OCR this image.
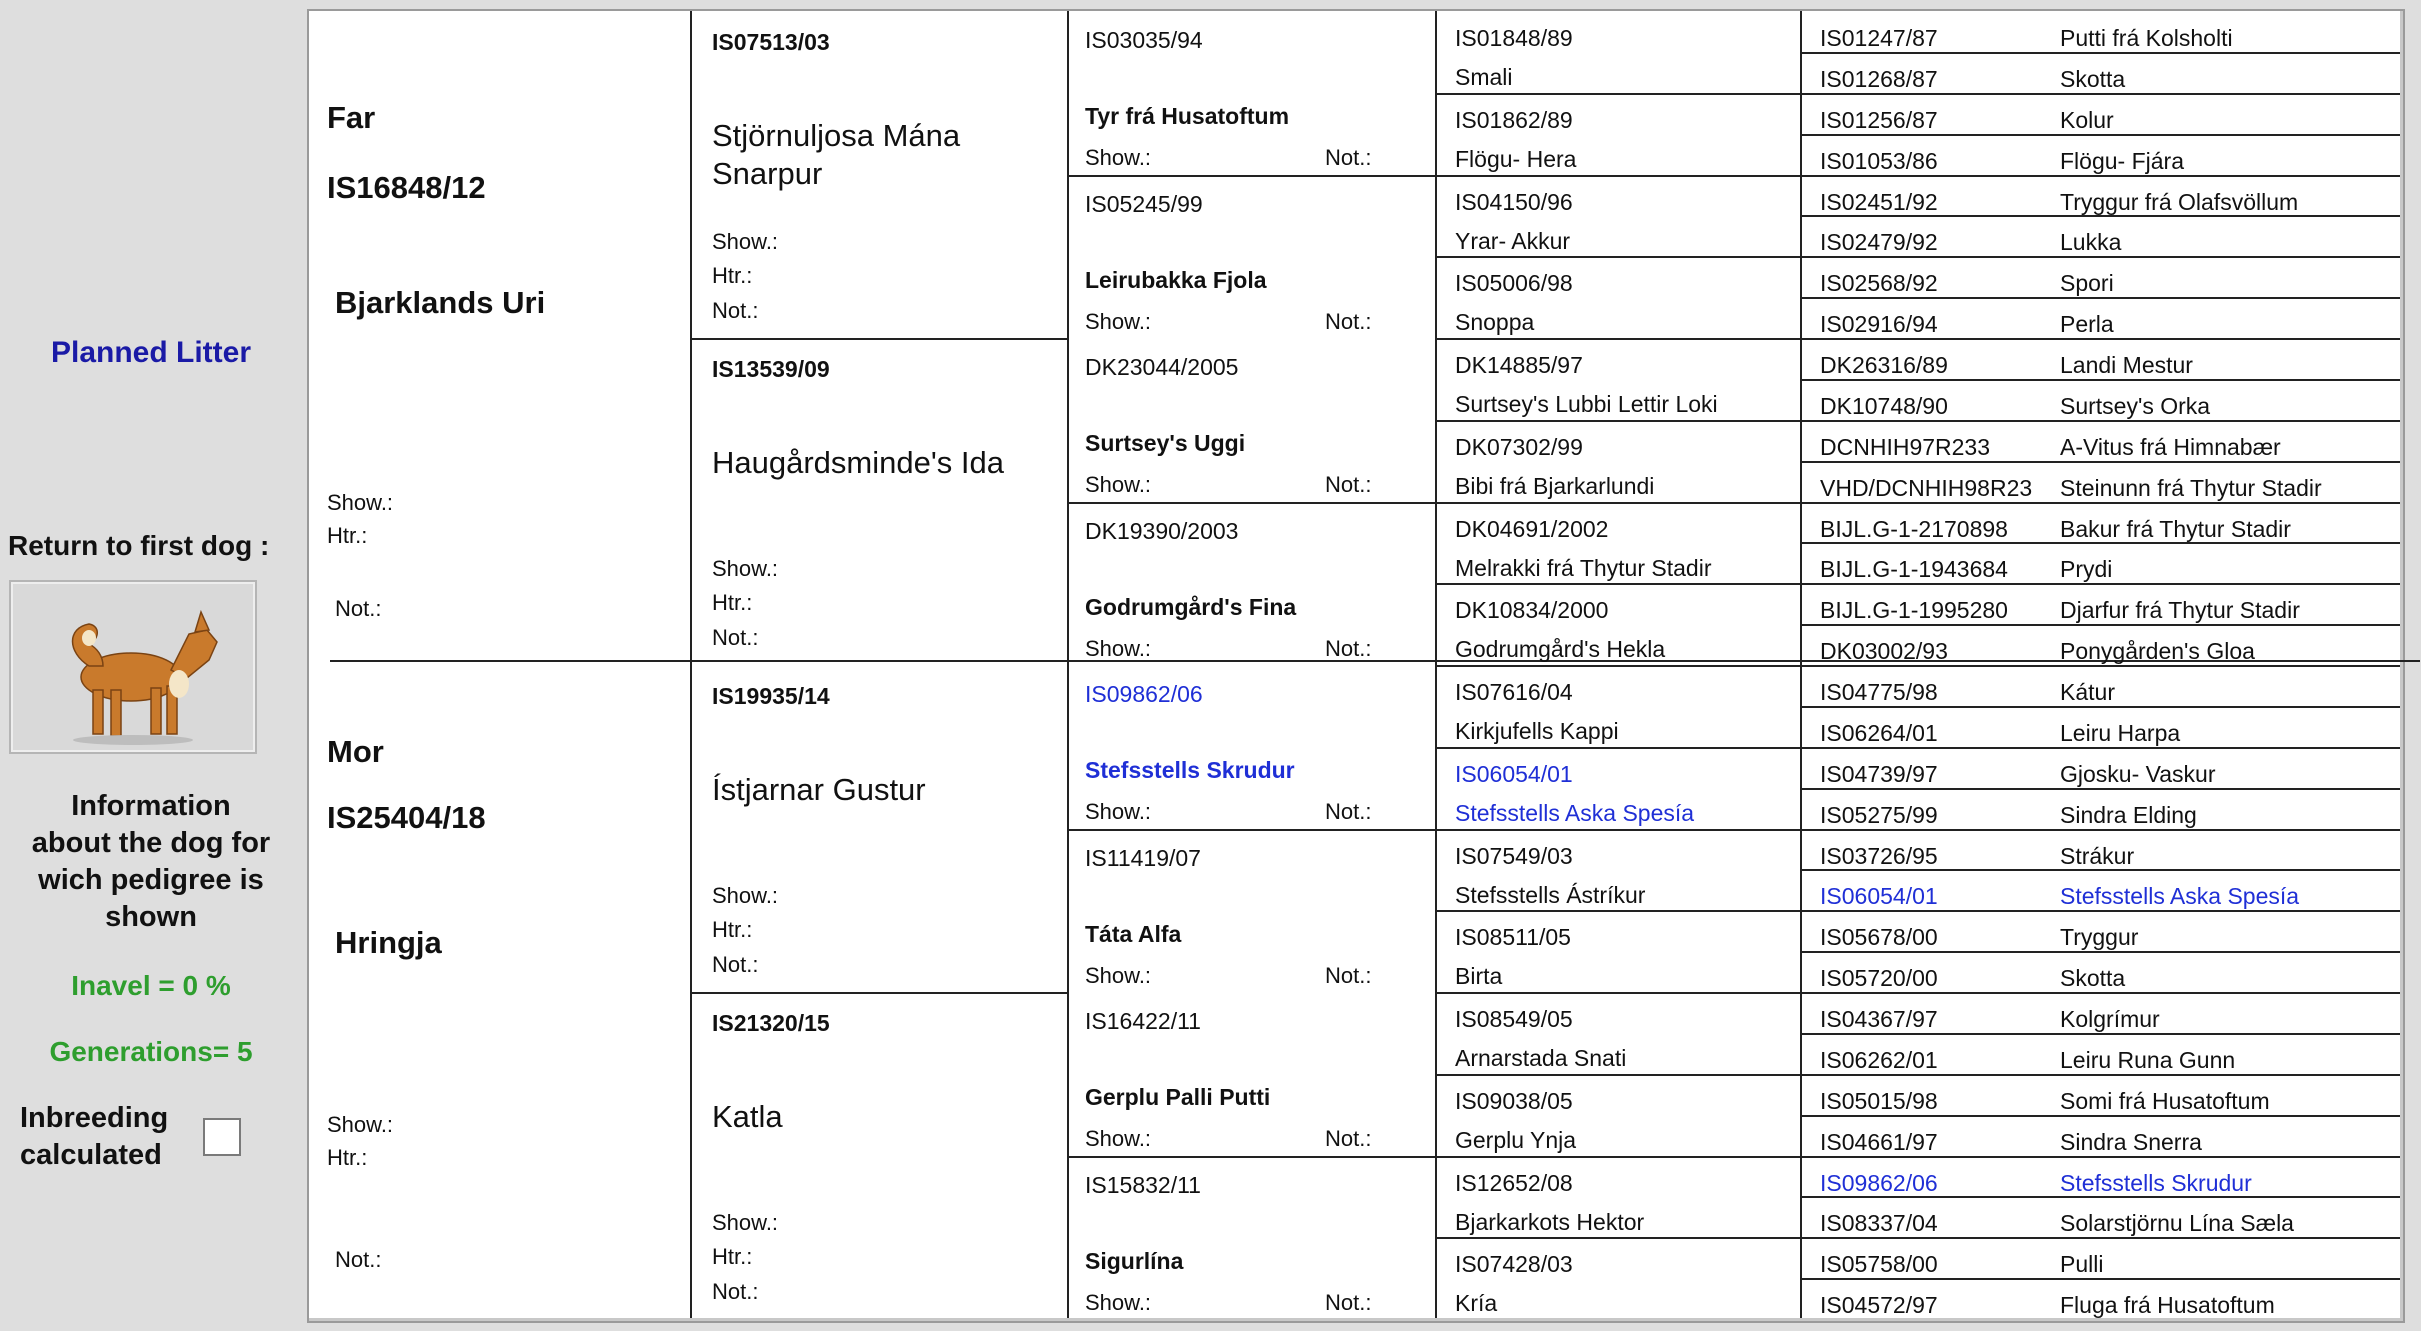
Planned Litter
Return to first dog :
Information
about the dog for
wich pedigree is
shown
Inavel = 0 %
Generations= 5
Inbreeding
calculated
Far
IS16848/12
Bjarklands Uri
Show.:
Htr.:
Not.:
Mor
IS25404/18
Hringja
Show.:
Htr.:
Not.:
IS07513/03
Stjörnuljosa Mána
Snarpur
Show.:
Htr.:
Not.:
IS13539/09
Haugårdsminde's Ida
Show.:
Htr.:
Not.:
IS19935/14
Ístjarnar Gustur
Show.:
Htr.:
Not.:
IS21320/15
Katla
Show.:
Htr.:
Not.:
IS03035/94
Tyr frá Husatoftum
Show.:	Not.:
IS05245/99
Leirubakka Fjola
Show.:	Not.:
DK23044/2005
Surtsey's Uggi
Show.:	Not.:
DK19390/2003
Godrumgård's Fina
Show.:	Not.:
IS09862/06
Stefsstells Skrudur
Show.:	Not.:
IS11419/07
Táta Alfa
Show.:	Not.:
IS16422/11
Gerplu Palli Putti
Show.:	Not.:
IS15832/11
Sigurlína
Show.:	Not.:
IS01848/89
Smali
IS01862/89
Flögu- Hera
IS04150/96
Yrar- Akkur
IS05006/98
Snoppa
DK14885/97
Surtsey's Lubbi Lettir Loki
DK07302/99
Bibi frá Bjarkarlundi
DK04691/2002
Melrakki frá Thytur Stadir
DK10834/2000
Godrumgård's Hekla
IS07616/04
Kirkjufells Kappi
IS06054/01
Stefsstells Aska Spesía
IS07549/03
Stefsstells Ástríkur
IS08511/05
Birta
IS08549/05
Arnarstada Snati
IS09038/05
Gerplu Ynja
IS12652/08
Bjarkarkots Hektor
IS07428/03
Kría
IS01247/87	Putti frá Kolsholti
IS01268/87	Skotta
IS01256/87	Kolur
IS01053/86	Flögu- Fjára
IS02451/92	Tryggur frá Olafsvöllum
IS02479/92	Lukka
IS02568/92	Spori
IS02916/94	Perla
DK26316/89	Landi Mestur
DK10748/90	Surtsey's Orka
DCNHIH97R233	A-Vitus frá Himnabær
VHD/DCNHIH98R23 Steinunn frá Thytur Stadir
BIJL.G-1-2170898 Bakur frá Thytur Stadir
BIJL.G-1-1943684 Prydi
BIJL.G-1-1995280 Djarfur frá Thytur Stadir
DK03002/93	Ponygården's Gloa
IS04775/98	Kátur
IS06264/01	Leiru Harpa
IS04739/97	Gjosku- Vaskur
IS05275/99	Sindra Elding
IS03726/95	Strákur
IS06054/01	Stefsstells Aska Spesía
IS05678/00	Tryggur
IS05720/00	Skotta
IS04367/97	Kolgrímur
IS06262/01	Leiru Runa Gunn
IS05015/98	Somi frá Husatoftum
IS04661/97	Sindra Snerra
IS09862/06	Stefsstells Skrudur
IS08337/04	Solarstjörnu Lína Sæla
IS05758/00	Pulli
IS04572/97	Fluga frá Husatoftum
